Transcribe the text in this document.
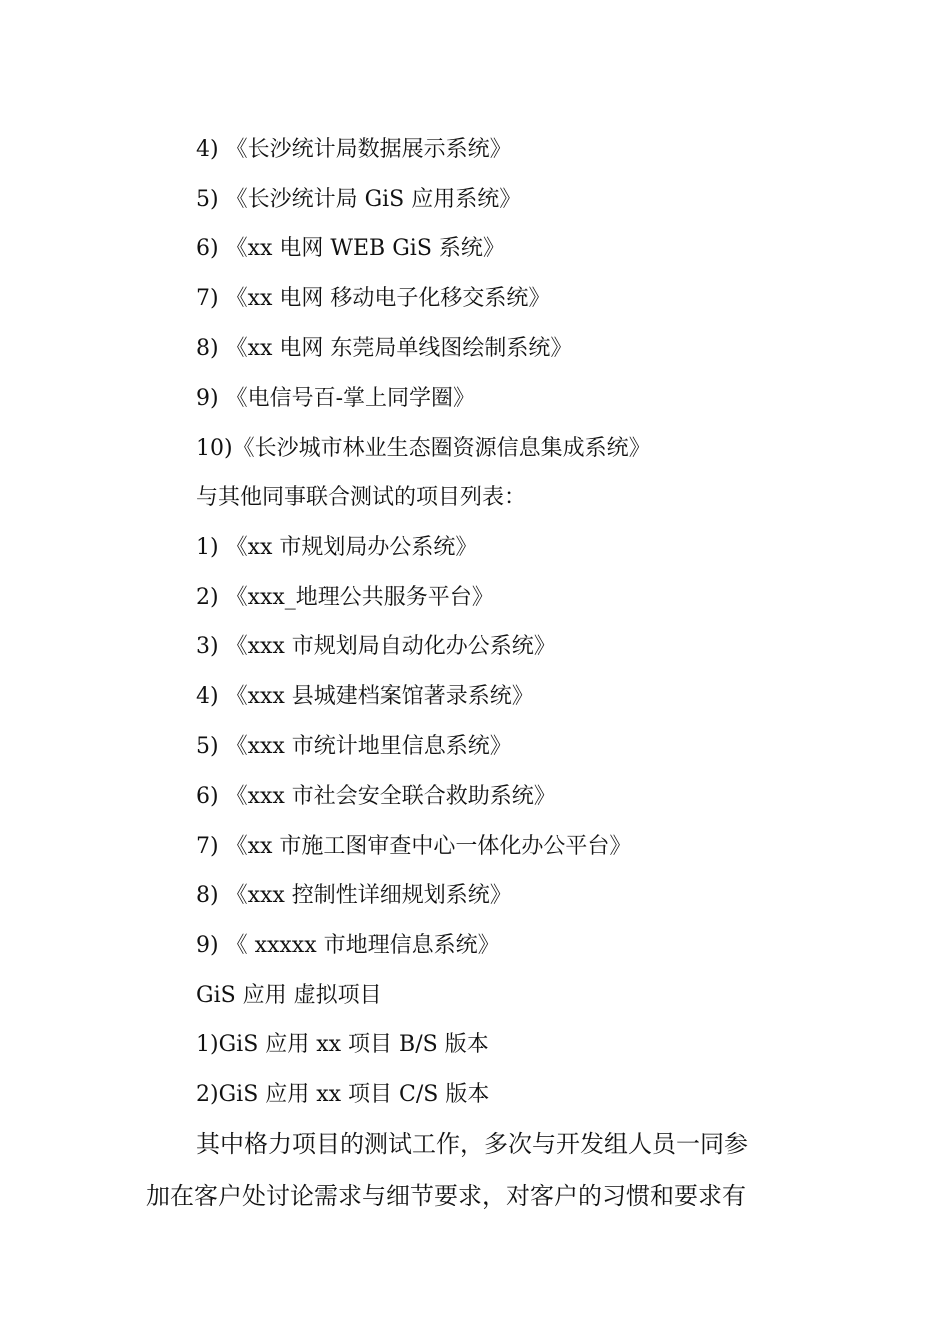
4) 《长沙统计局数据展示系统》
5) 《长沙统计局 GiS 应用系统》
6) 《xx 电网 WEB GiS 系统》
7) 《xx 电网 移动电子化移交系统》
8) 《xx 电网 东莞局单线图绘制系统》
9) 《电信号百-掌上同学圈》
10)《长沙城市林业生态圈资源信息集成系统》
与其他同事联合测试的项目列表：
1) 《xx 市规划局办公系统》
2) 《xxx_地理公共服务平台》
3) 《xxx 市规划局自动化办公系统》
4) 《xxx 县城建档案馆著录系统》
5) 《xxx 市统计地里信息系统》
6) 《xxx 市社会安全联合救助系统》
7) 《xx 市施工图审查中心一体化办公平台》
8) 《xxx 控制性详细规划系统》
9) 《 xxxxx 市地理信息系统》
GiS 应用 虚拟项目
1)GiS 应用 xx 项目 B/S 版本
2)GiS 应用 xx 项目 C/S 版本
其中格力项目的测试工作，多次与开发组人员一同参
加在客户处讨论需求与细节要求，对客户的习惯和要求有
